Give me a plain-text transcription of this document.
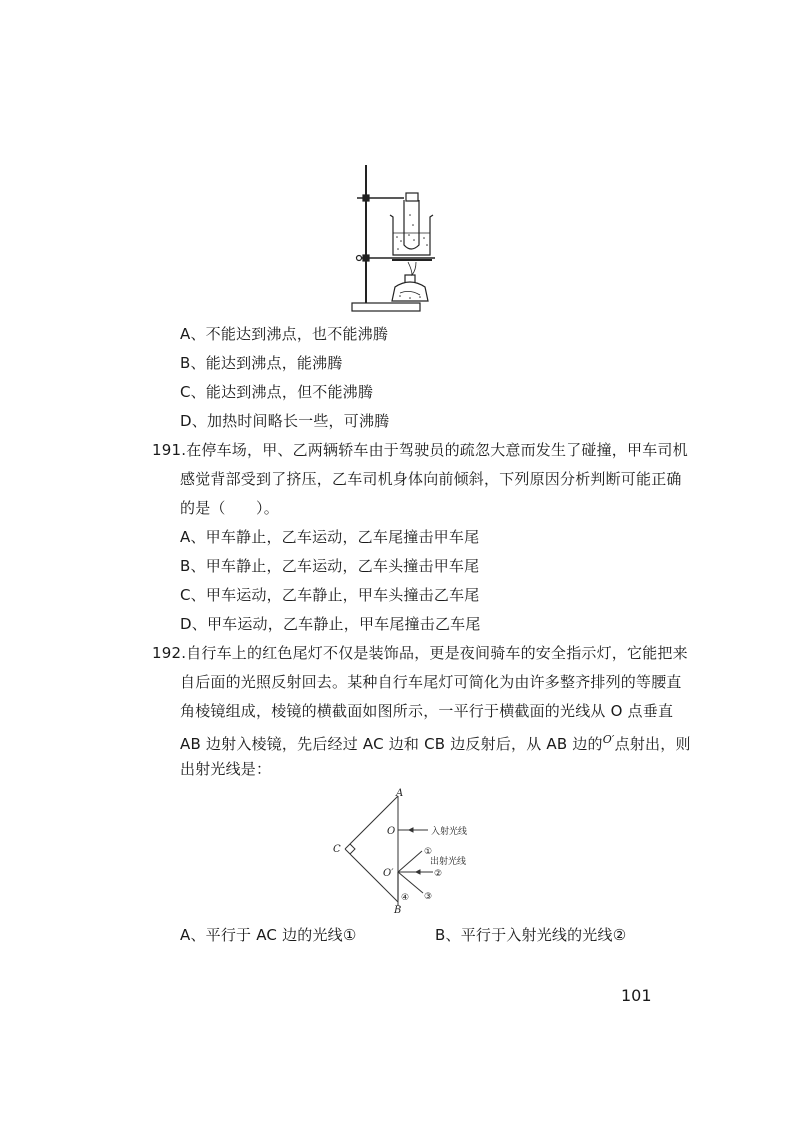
A、不能达到沸点，也不能沸腾
B、能达到沸点，能沸腾
C、能达到沸点，但不能沸腾
D、加热时间略长一些，可沸腾
191.在停车场，甲、乙两辆轿车由于驾驶员的疏忽大意而发生了碰撞，甲车司机
感觉背部受到了挤压，乙车司机身体向前倾斜，下列原因分析判断可能正确
的是（　　）。
A、甲车静止，乙车运动，乙车尾撞击甲车尾
B、甲车静止，乙车运动，乙车头撞击甲车尾
C、甲车运动，乙车静止，甲车头撞击乙车尾
D、甲车运动，乙车静止，甲车尾撞击乙车尾
192.自行车上的红色尾灯不仅是装饰品，更是夜间骑车的安全指示灯，它能把来
自后面的光照反射回去。某种自行车尾灯可简化为由许多整齐排列的等腰直
角棱镜组成，棱镜的横截面如图所示，一平行于横截面的光线从 O 点垂直
AB 边射入棱镜，先后经过 AC 边和 CB 边反射后，从 AB 边的$^{O'}$点射出，则
出射光线是：
A
C
O
O′
B
入射光线
①
出射光线
②
③
④
A、平行于 AC 边的光线①	B、平行于入射光线的光线②
101
